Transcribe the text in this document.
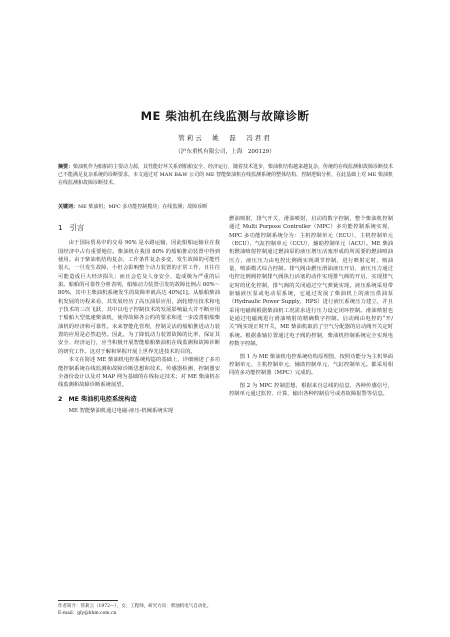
ME 柴油机在线监测与故障诊断
管莉云　姚　磊　冯君君
（沪东重机有限公司，上海　200129）
摘要：柴油机作为船舶的主要动力源，其性能好坏关系到船舶安全、经济运行，随着技术进步，柴油机结构越来越复杂，传统的在线监测和故障诊断技术已不能满足复杂系统的诊断要求。本文通过对 MAN B&W 公司的 ME 智能柴油机在线监测系统的整体结构、控制逻辑分析，在此基础上对 ME 柴油机在线监测和故障诊断技术。
关键词：ME 柴油机；MPC 多功能控制模块；在线监测；故障诊断
1　引言

由于国际贸易中的交易 90% 是水路运输，因此船舶运输业在我国经济中占有重要地位。柴油机在我国 80% 的船舶推动装置中得到使用。由于柴油机结构复杂，工作条件复杂多变，发生故障的可能性很大，一旦发生故障，小但会影响整个动力装置的正常工作，且往往可能造成巨大经济损失；而且会危及人身安全、造成极为严重的后果。船舶的可靠性分析表明，船舶动力装置引发的故障比例占 60%～80%，其中主柴油机系统发生的故障率就高达 40%[1]。从船舶柴油机发展的历程来看，其发展经历了高压油泵应用，涡轮增压技术和电子技术的三次飞跃，其中以电子控制技术的发展影响最大并不断应用于船舶大型低速柴油机，使得故障各公约的要求和进一步改善船舶柴油机的经济和可靠性。未来智能化管理，控制灵活的船舶推进动力装置的应用是必然趋势。因此，为了降低动力装置故障的比率，保证其安全、经济运行，应当积极开展智能船舶柴油机在线监测和故障诊断的研究工作。这对于解和掌握开展上世界先进技术的目的。

本文在简述 ME 柴油机电控系统构造的基础上，详细阐述了多功能控制系统在线监测和故障诊断思想和技术，传感器检测、控制器安全备份设计以及对 MAP 网为基础的在线标定技术；对 ME 柴油机在线监测和故障诊断系统展望。

2　ME 柴油机电控系统构造

ME 智能柴油机通过电磁-液压-机械系统实现

燃油喷射，排气开关，滑油喷射，启动的数字控制，整个柴油机控制通过 Multi Purpose Controller（MPC）多功能控制系统实现，MPC 多功能控制系统分为：主机控制单元（ECU），主机控制单元（ECU），气缸控制单元（CCU），辅助控制单元（ACU）。ME 柴油机燃油喷射控制通过燃油泵的液压增压活塞形成的所需要的燃油喷油压力，液压压力由电控比例阀实现调节控制，进行喷射定时，喷油量，喷油模式综合控制。排气阀由燃压滑油液压开启，液压压力通过电控比例阀控制排气阀执行活塞的动作实现排气阀的开启，实现排气定时的优化控制，排气阀的关闭通过空气弹簧实现。液压系统采用带驱轴液压泵或电动泵系统，它通过发展了柴油机上的液压供油泵（Hydraulic Power Supply，HPS）进行液压系统压力建立，并且采用电磁阀根据柴油机工况需求进行压力设定闭环控制。滑油喷射也是通过电磁阀进行滑油喷射的精确数字控制。启动阀由电控的“开/关”阀实现正时开关，ME 柴油机取消了空气分配器的启动阀开关定时系统。根据曲轴位置通过电子阀的控制，柴油机控制系统完全实现电控数字控制。

图 1 为 ME 柴油机电控系统结构原理图，按照功能分为主机界面控制单元、主机控制单元、辅助控制单元、气缸控制单元。都采用相同的多功能控制器（MPC）完成的。

图 2 为 MPC 控制思想，根据来自总线的信息，各种传感信号，控制单元通过监控、计算，输出各种控制信号或者故障报警等信息。

作者简介：管莉云（1972—），女，工程师，研究方向：柴油机电气自动化。
E-mail：gly@hhm.com.cn
